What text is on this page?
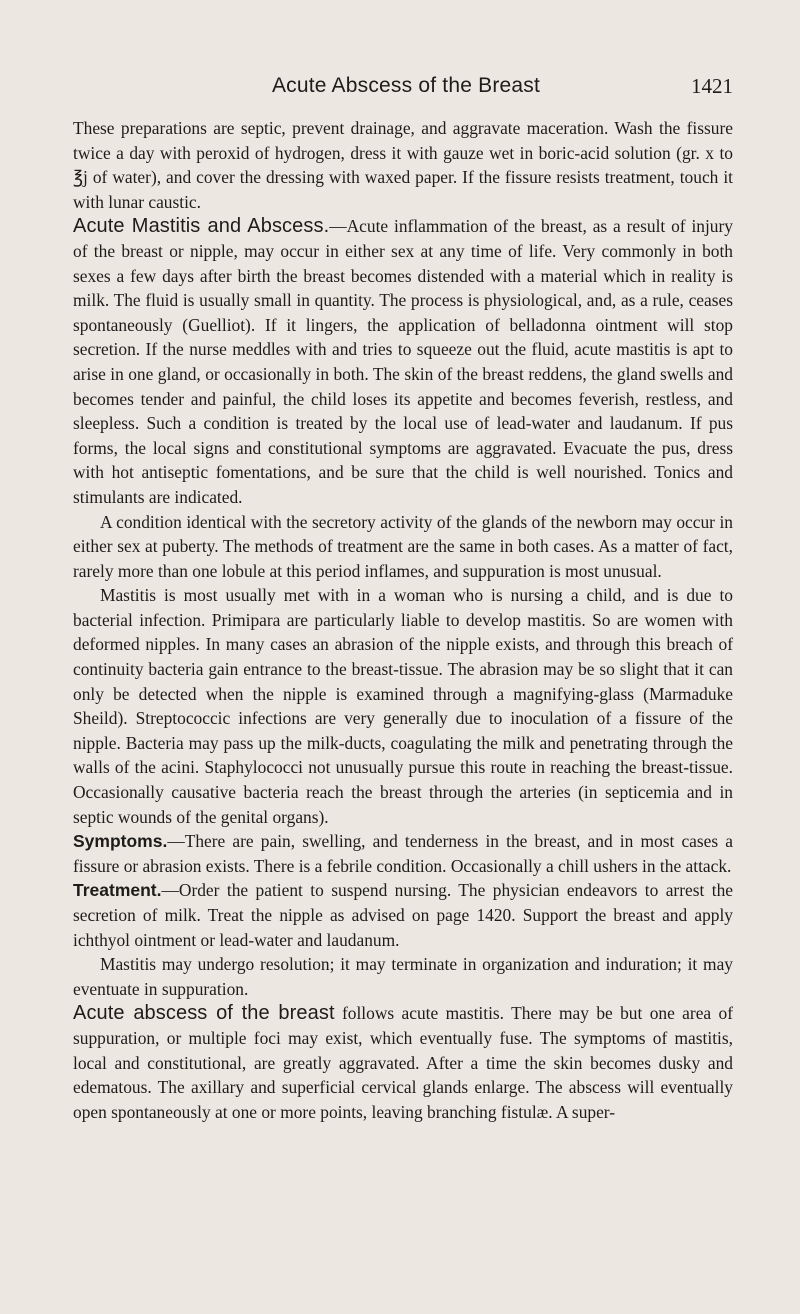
Acute Abscess of the Breast	1421

These preparations are septic, prevent drainage, and aggravate maceration. Wash the fissure twice a day with peroxid of hydrogen, dress it with gauze wet in boric-acid solution (gr. x to ℥j of water), and cover the dressing with waxed paper. If the fissure resists treatment, touch it with lunar caustic.

Acute Mastitis and Abscess.—Acute inflammation of the breast, as a result of injury of the breast or nipple, may occur in either sex at any time of life. Very commonly in both sexes a few days after birth the breast becomes distended with a material which in reality is milk. The fluid is usually small in quantity. The process is physiological, and, as a rule, ceases spontaneously (Guelliot). If it lingers, the application of belladonna ointment will stop secretion. If the nurse meddles with and tries to squeeze out the fluid, acute mastitis is apt to arise in one gland, or occasionally in both. The skin of the breast reddens, the gland swells and becomes tender and painful, the child loses its appetite and becomes feverish, restless, and sleepless. Such a condition is treated by the local use of lead-water and laudanum. If pus forms, the local signs and constitutional symptoms are aggravated. Evacuate the pus, dress with hot antiseptic fomentations, and be sure that the child is well nourished. Tonics and stimulants are indicated.

A condition identical with the secretory activity of the glands of the newborn may occur in either sex at puberty. The methods of treatment are the same in both cases. As a matter of fact, rarely more than one lobule at this period inflames, and suppuration is most unusual.

Mastitis is most usually met with in a woman who is nursing a child, and is due to bacterial infection. Primipara are particularly liable to develop mastitis. So are women with deformed nipples. In many cases an abrasion of the nipple exists, and through this breach of continuity bacteria gain entrance to the breast-tissue. The abrasion may be so slight that it can only be detected when the nipple is examined through a magnifying-glass (Marmaduke Sheild). Streptococcic infections are very generally due to inoculation of a fissure of the nipple. Bacteria may pass up the milk-ducts, coagulating the milk and penetrating through the walls of the acini. Staphylococci not unusually pursue this route in reaching the breast-tissue. Occasionally causative bacteria reach the breast through the arteries (in septicemia and in septic wounds of the genital organs).

Symptoms.—There are pain, swelling, and tenderness in the breast, and in most cases a fissure or abrasion exists. There is a febrile condition. Occasionally a chill ushers in the attack.

Treatment.—Order the patient to suspend nursing. The physician endeavors to arrest the secretion of milk. Treat the nipple as advised on page 1420. Support the breast and apply ichthyol ointment or lead-water and laudanum.

Mastitis may undergo resolution; it may terminate in organization and induration; it may eventuate in suppuration.

Acute abscess of the breast follows acute mastitis. There may be but one area of suppuration, or multiple foci may exist, which eventually fuse. The symptoms of mastitis, local and constitutional, are greatly aggravated. After a time the skin becomes dusky and edematous. The axillary and superficial cervical glands enlarge. The abscess will eventually open spontaneously at one or more points, leaving branching fistulæ. A super-
